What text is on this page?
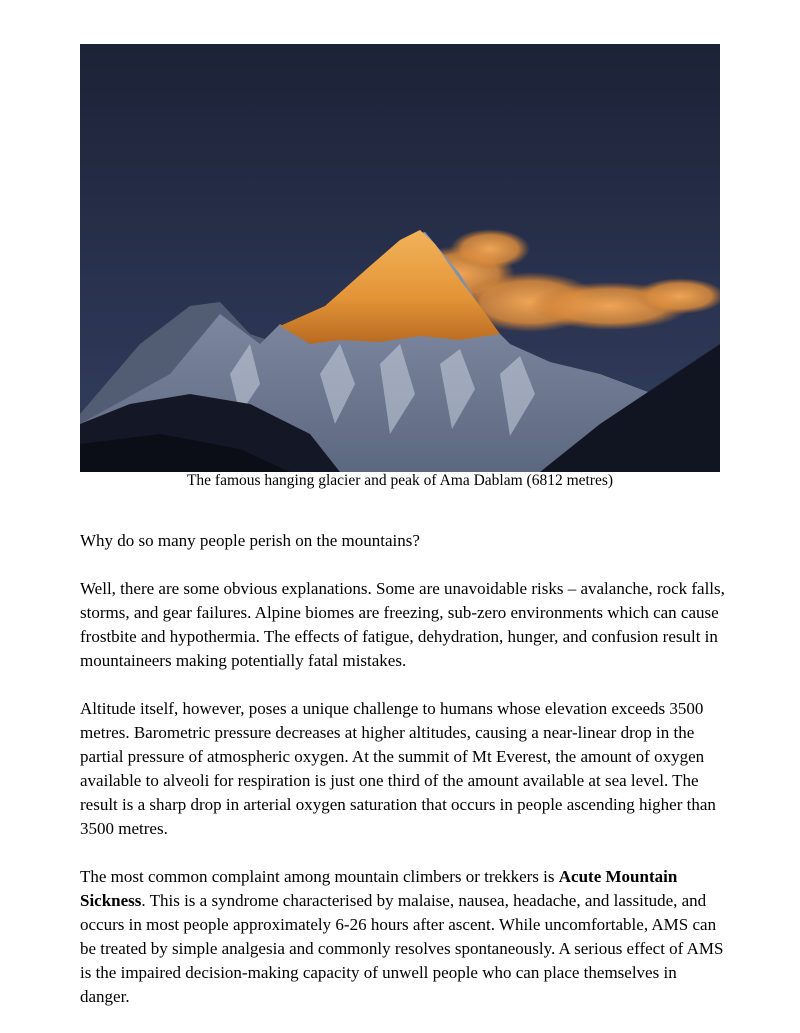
The famous hanging glacier and peak of Ama Dablam (6812 metres)

Why do so many people perish on the mountains?

Well, there are some obvious explanations. Some are unavoidable risks – avalanche, rock falls, storms, and gear failures. Alpine biomes are freezing, sub-zero environments which can cause frostbite and hypothermia. The effects of fatigue, dehydration, hunger, and confusion result in mountaineers making potentially fatal mistakes.

Altitude itself, however, poses a unique challenge to humans whose elevation exceeds 3500 metres. Barometric pressure decreases at higher altitudes, causing a near-linear drop in the partial pressure of atmospheric oxygen. At the summit of Mt Everest, the amount of oxygen available to alveoli for respiration is just one third of the amount available at sea level. The result is a sharp drop in arterial oxygen saturation that occurs in people ascending higher than 3500 metres.

The most common complaint among mountain climbers or trekkers is Acute Mountain Sickness. This is a syndrome characterised by malaise, nausea, headache, and lassitude, and occurs in most people approximately 6-26 hours after ascent. While uncomfortable, AMS can be treated by simple analgesia and commonly resolves spontaneously. A serious effect of AMS is the impaired decision-making capacity of unwell people who can place themselves in danger.
